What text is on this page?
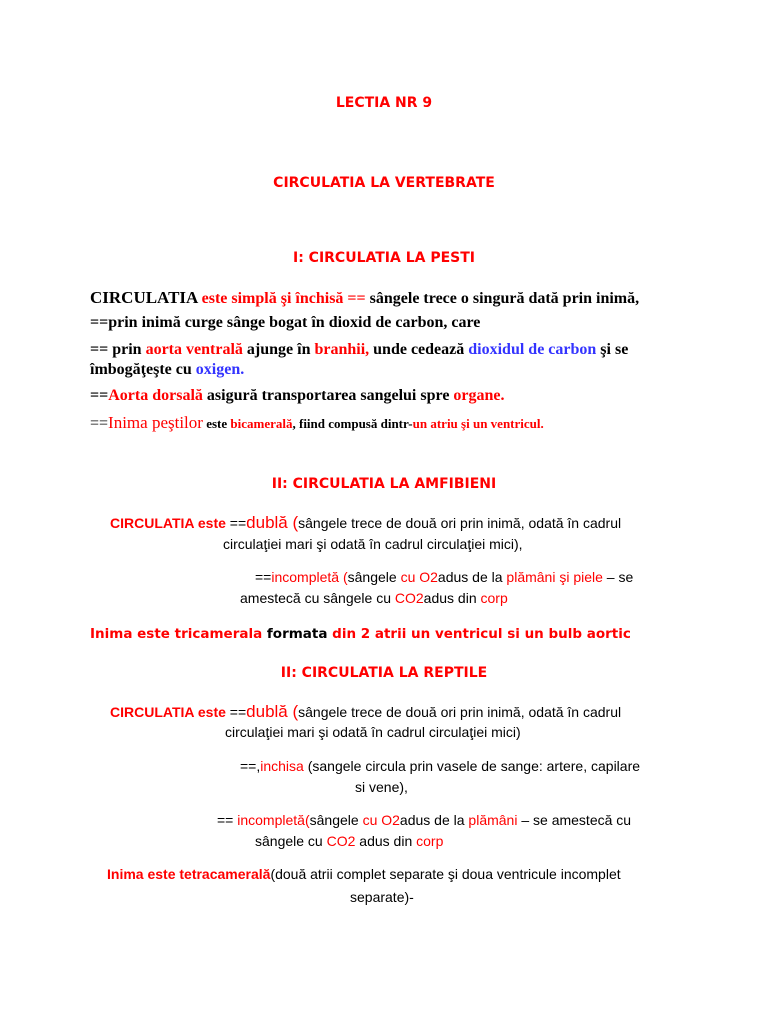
LECTIA NR 9
CIRCULATIA LA VERTEBRATE
I: CIRCULATIA LA PESTI
CIRCULATIA este simplă şi închisă == sângele trece o singură dată prin inimă,
==prin inimă curge sânge bogat în dioxid de carbon, care
== prin aorta ventrală ajunge în branhii, unde cedează dioxidul de carbon şi se
îmbogăţeşte cu oxigen.
==Aorta dorsală asigură transportarea sangelui spre organe.
==Inima peştilor este bicamerală, fiind compusă dintr-un atriu şi un ventricul.
II: CIRCULATIA LA AMFIBIENI
CIRCULATIA este ==dublă (sângele trece de două ori prin inimă, odată în cadrul
circulaţiei mari şi odată în cadrul circulaţiei mici),
==incompletă (sângele cu O2adus de la plămâni şi piele – se
amestecă cu sângele cu CO2adus din corp
Inima este tricamerala formata din 2 atrii un ventricul si un bulb aortic
II: CIRCULATIA LA REPTILE
CIRCULATIA este ==dublă (sângele trece de două ori prin inimă, odată în cadrul
circulaţiei mari şi odată în cadrul circulaţiei mici)
==,inchisa (sangele circula prin vasele de sange: artere, capilare
si vene),
== incompletă(sângele cu O2adus de la plămâni – se amestecă cu
sângele cu CO2 adus din corp
Inima este tetracamerală(două atrii complet separate şi doua ventricule incomplet
separate)-
